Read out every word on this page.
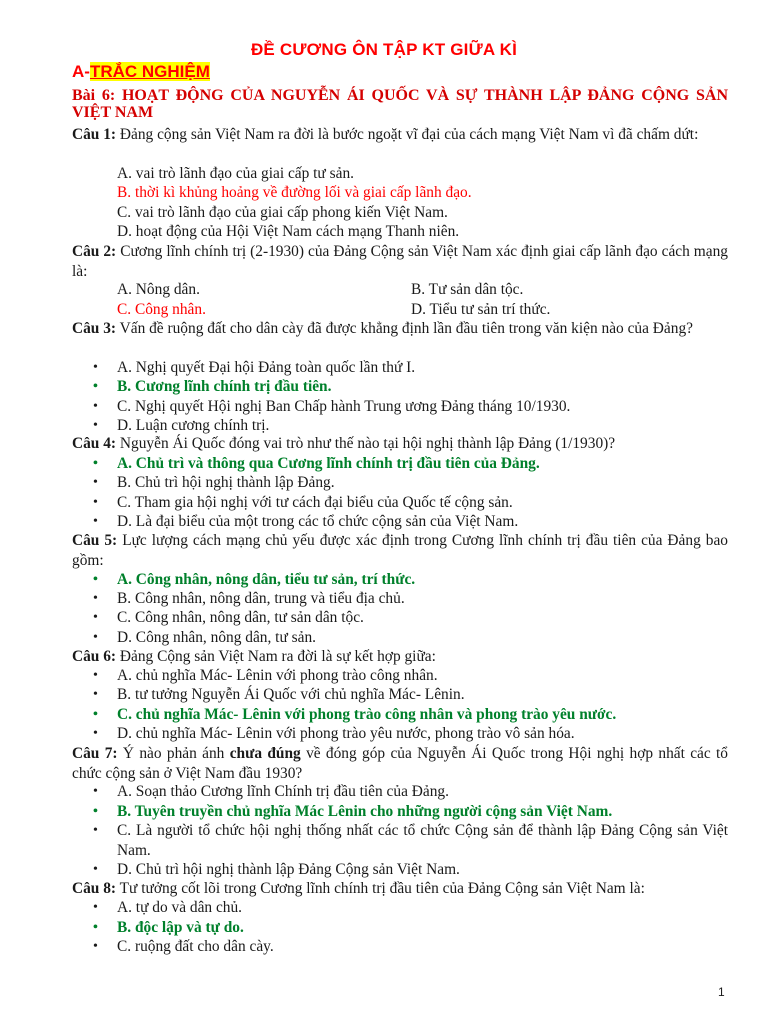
ĐỀ CƯƠNG ÔN TẬP KT GIỮA KÌ
A-TRẮC NGHIỆM
Bài 6: HOẠT ĐỘNG CỦA NGUYỄN ÁI QUỐC VÀ SỰ THÀNH LẬP ĐẢNG CỘNG SẢN VIỆT NAM
Câu 1: Đảng cộng sản Việt Nam ra đời là bước ngoặt vĩ đại của cách mạng Việt Nam vì đã chấm dứt:
A. vai trò lãnh đạo của giai cấp tư sản.
B. thời kì khủng hoảng về đường lối và giai cấp lãnh đạo.
C. vai trò lãnh đạo của giai cấp phong kiến Việt Nam.
D. hoạt động của Hội Việt Nam cách mạng Thanh niên.
Câu 2: Cương lĩnh chính trị (2-1930) của Đảng Cộng sản Việt Nam xác định giai cấp lãnh đạo cách mạng là:
A. Nông dân.	B. Tư sản dân tộc.
C. Công nhân.	D. Tiểu tư sản trí thức.
Câu 3: Vấn đề ruộng đất cho dân cày đã được khẳng định lần đầu tiên trong văn kiện nào của Đảng?
• A. Nghị quyết Đại hội Đảng toàn quốc lần thứ I.
• B. Cương lĩnh chính trị đầu tiên.
• C. Nghị quyết Hội nghị Ban Chấp hành Trung ương Đảng tháng 10/1930.
• D. Luận cương chính trị.
Câu 4: Nguyễn Ái Quốc đóng vai trò như thế nào tại hội nghị thành lập Đảng (1/1930)?
• A. Chủ trì và thông qua Cương lĩnh chính trị đầu tiên của Đảng.
• B. Chủ trì hội nghị thành lập Đảng.
• C. Tham gia hội nghị với tư cách đại biểu của Quốc tế cộng sản.
• D. Là đại biểu của một trong các tổ chức cộng sản của Việt Nam.
Câu 5: Lực lượng cách mạng chủ yếu được xác định trong Cương lĩnh chính trị đầu tiên của Đảng bao gồm:
• A. Công nhân, nông dân, tiểu tư sản, trí thức.
• B. Công nhân, nông dân, trung và tiểu địa chủ.
• C. Công nhân, nông dân, tư sản dân tộc.
• D. Công nhân, nông dân, tư sản.
Câu 6: Đảng Cộng sản Việt Nam ra đời là sự kết hợp giữa:
• A. chủ nghĩa Mác- Lênin với phong trào công nhân.
• B. tư tưởng Nguyễn Ái Quốc với chủ nghĩa Mác- Lênin.
• C. chủ nghĩa Mác- Lênin với phong trào công nhân và phong trào yêu nước.
• D. chủ nghĩa Mác- Lênin với phong trào yêu nước, phong trào vô sản hóa.
Câu 7: Ý nào phản ánh chưa đúng về đóng góp của Nguyễn Ái Quốc trong Hội nghị hợp nhất các tổ chức cộng sản ở Việt Nam đầu 1930?
• A. Soạn thảo Cương lĩnh Chính trị đầu tiên của Đảng.
• B. Tuyên truyền chủ nghĩa Mác Lênin cho những người cộng sản Việt Nam.
• C. Là người tổ chức hội nghị thống nhất các tổ chức Cộng sản để thành lập Đảng Cộng sản Việt Nam.
• D. Chủ trì hội nghị thành lập Đảng Cộng sản Việt Nam.
Câu 8: Tư tưởng cốt lõi trong Cương lĩnh chính trị đầu tiên của Đảng Cộng sản Việt Nam là:
• A. tự do và dân chủ.
• B. độc lập và tự do.
• C. ruộng đất cho dân cày.
1
